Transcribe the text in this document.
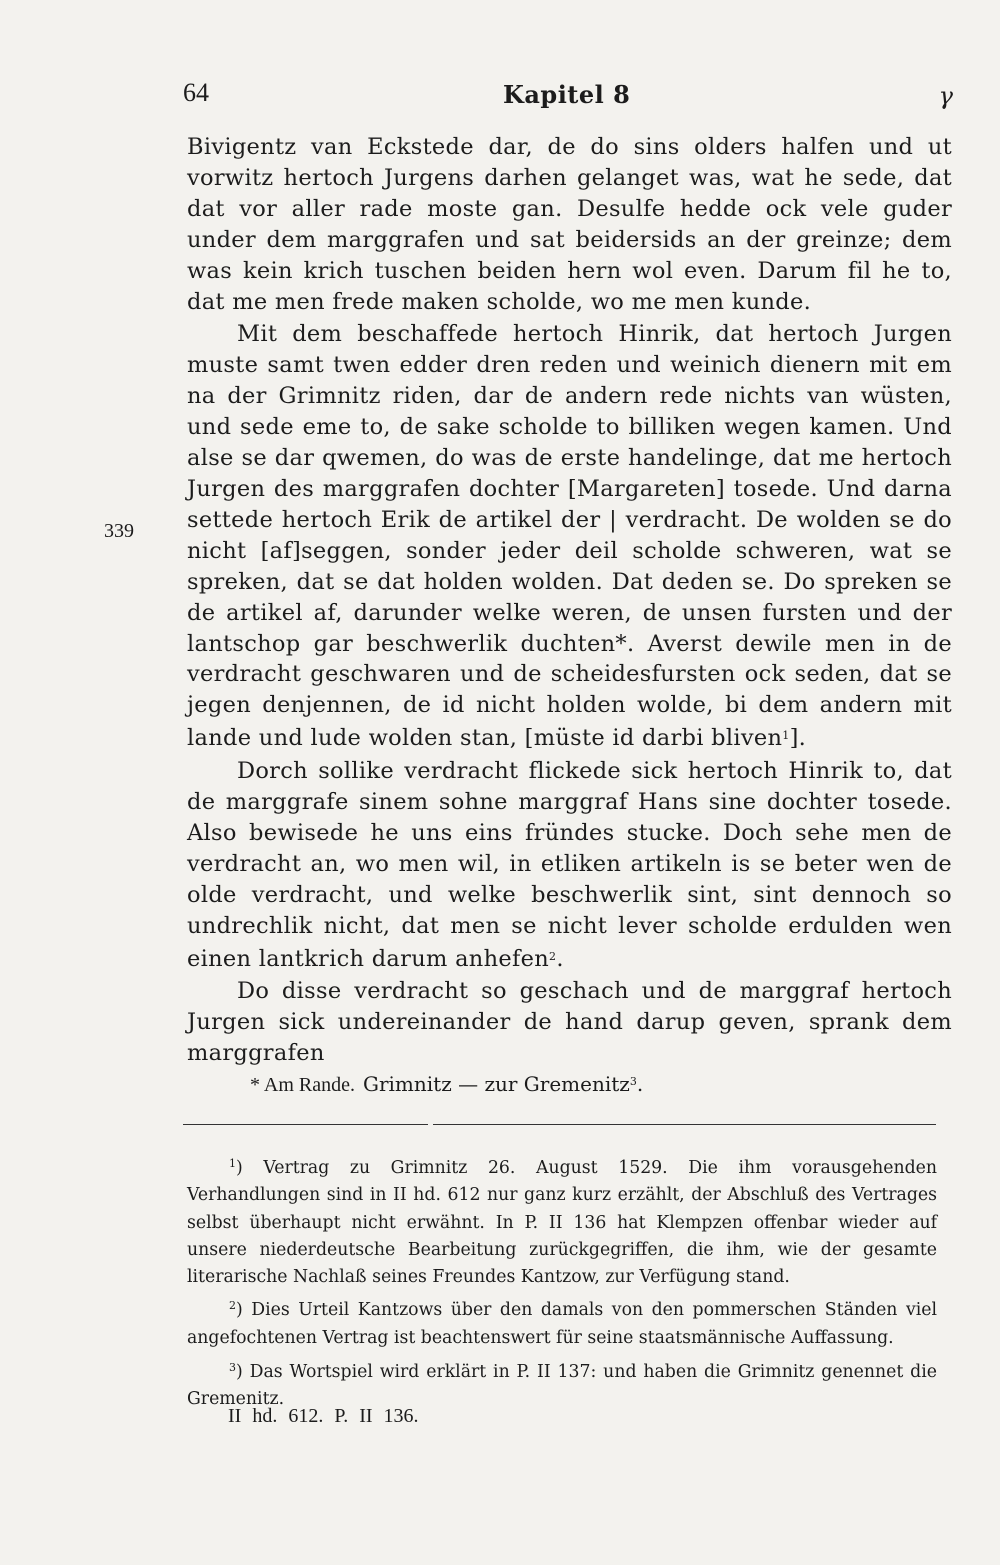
64	Kapitel 8	γ
339

Bivigentz van Eckstede dar, de do sins olders halfen und ut vorwitz hertoch Jurgens darhen gelanget was, wat he sede, dat dat vor aller rade moste gan. Desulfe hedde ock vele guder under dem marggrafen und sat beidersids an der greinze; dem was kein krich tuschen beiden hern wol even. Darum fil he to, dat me men frede maken scholde, wo me men kunde.

Mit dem beschaffede hertoch Hinrik, dat hertoch Jurgen muste samt twen edder dren reden und weinich dienern mit em na der Grimnitz riden, dar de andern rede nichts van wüsten, und sede eme to, de sake scholde to billiken wegen kamen. Und alse se dar qwemen, do was de erste handelinge, dat me hertoch Jurgen des marggrafen dochter [Margareten] tosede. Und darna settede hertoch Erik de artikel der | verdracht. De wolden se do nicht [af]seggen, sonder jeder deil scholde schweren, wat se spreken, dat se dat holden wolden. Dat deden se. Do spreken se de artikel af, darunder welke weren, de unsen fursten und der lantschop gar beschwerlik duchten*. Averst dewile men in de verdracht geschwaren und de scheidesfursten ock seden, dat se jegen denjennen, de id nicht holden wolde, bi dem andern mit lande und lude wolden stan, [müste id darbi bliven$^1$].

Dorch sollike verdracht flickede sick hertoch Hinrik to, dat de marggrafe sinem sohne marggraf Hans sine dochter tosede. Also bewisede he uns eins fründes stucke. Doch sehe men de verdracht an, wo men wil, in etliken artikeln is se beter wen de olde verdracht, und welke beschwerlik sint, sint dennoch so undrechlik nicht, dat men se nicht lever scholde erdulden wen einen lantkrich darum anhefen$^2$.

Do disse verdracht so geschach und de marggraf hertoch Jurgen sick undereinander de hand darup geven, sprank dem marggrafen

* Am Rande. Grimnitz — zur Gremenitz$^3$.

$^1$) Vertrag zu Grimnitz 26. August 1529. Die ihm vorausgehenden Verhandlungen sind in II hd. 612 nur ganz kurz erzählt, der Abschluß des Vertrages selbst überhaupt nicht erwähnt. In P. II 136 hat Klempzen offenbar wieder auf unsere niederdeutsche Bearbeitung zurückgegriffen, die ihm, wie der gesamte literarische Nachlaß seines Freundes Kantzow, zur Verfügung stand.

$^2$) Dies Urteil Kantzows über den damals von den pommerschen Ständen viel angefochtenen Vertrag ist beachtenswert für seine staatsmännische Auffassung.

$^3$) Das Wortspiel wird erklärt in P. II 137: und haben die Grimnitz genennet die Gremenitz.

II hd. 612. P. II 136.
